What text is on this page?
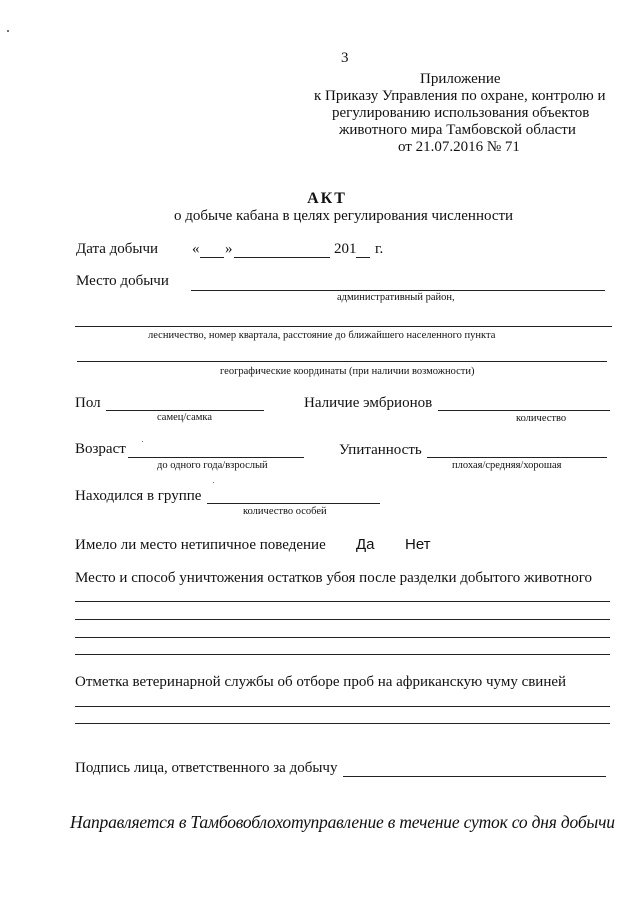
3
Приложение
к Приказу Управления по охране, контролю и
регулированию использования объектов
животного мира Тамбовской области
от 21.07.2016 № 71
АКТ
о добыче кабана в целях регулирования численности
Дата добычи « »	201 г.
Место добычи
административный район,
лесничество, номер квартала, расстояние до ближайшего населенного пункта
географические координаты (при наличии возможности)
Пол
самец/самка
Наличие эмбрионов
количество
Возраст
до одного года/взрослый
Упитанность
плохая/средняя/хорошая
Находился в группе
количество особей
Имело ли место нетипичное поведение Да Нет
Место и способ уничтожения остатков убоя после разделки добытого животного
Отметка ветеринарной службы об отборе проб на африканскую чуму свиней
Подпись лица, ответственного за добычу
Направляется в Тамбовоблохотуправление в течение суток со дня добычи
